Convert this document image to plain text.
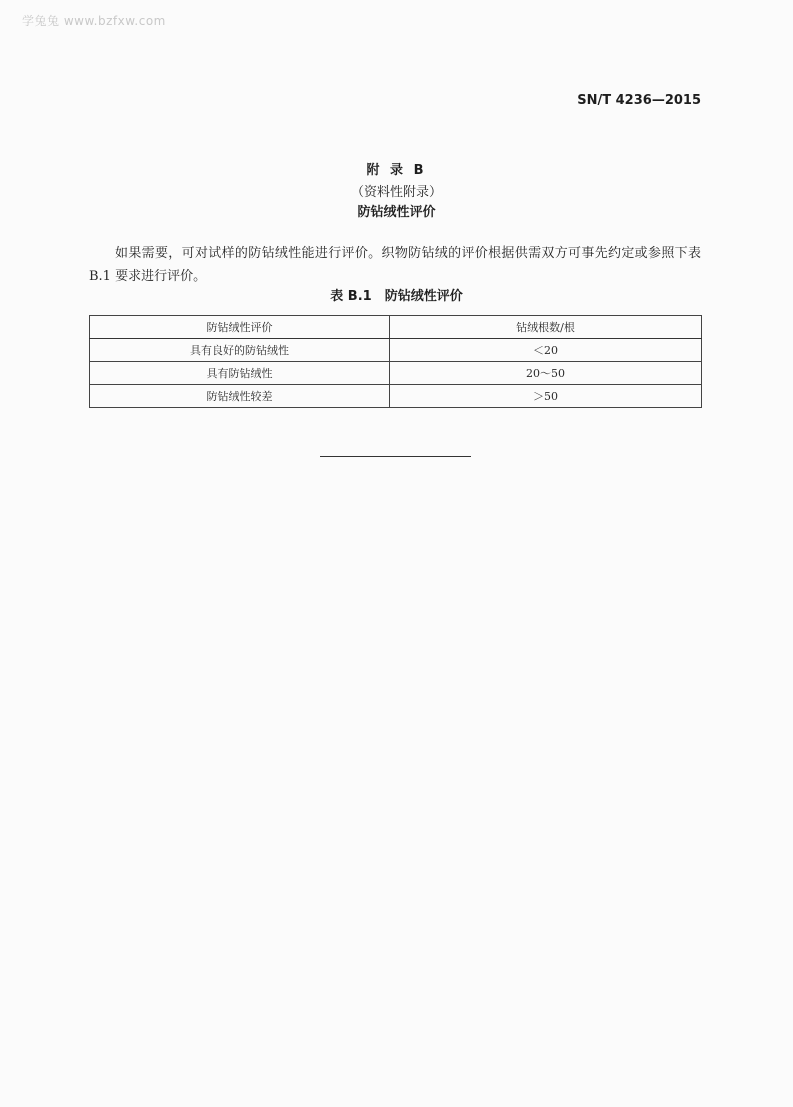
学兔兔 www.bzfxw.com
SN/T 4236—2015
附 录 B
（资料性附录）
防钻绒性评价

如果需要，可对试样的防钻绒性能进行评价。织物防钻绒的评价根据供需双方可事先约定或参照下表 B.1 要求进行评价。

表 B.1　防钻绒性评价
防钻绒性评价	钻绒根数/根
具有良好的防钻绒性	＜20
具有防钻绒性	20～50
防钻绒性较差	＞50
